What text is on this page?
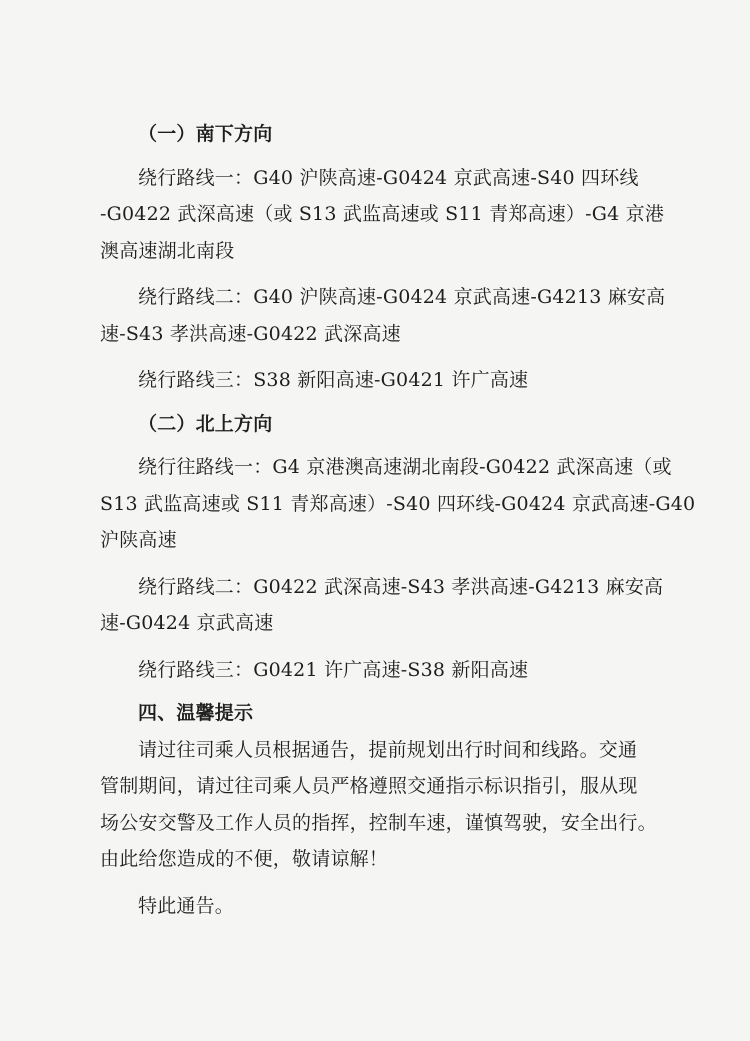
（一）南下方向
绕行路线一：G40 沪陕高速-G0424 京武高速-S40 四环线
-G0422 武深高速（或 S13 武监高速或 S11 青郑高速）-G4 京港
澳高速湖北南段
绕行路线二：G40 沪陕高速-G0424 京武高速-G4213 麻安高
速-S43 孝洪高速-G0422 武深高速
绕行路线三：S38 新阳高速-G0421 许广高速
（二）北上方向
绕行往路线一：G4 京港澳高速湖北南段-G0422 武深高速（或
S13 武监高速或 S11 青郑高速）-S40 四环线-G0424 京武高速-G40
沪陕高速
绕行路线二：G0422 武深高速-S43 孝洪高速-G4213 麻安高
速-G0424 京武高速
绕行路线三：G0421 许广高速-S38 新阳高速
四、温馨提示
请过往司乘人员根据通告，提前规划出行时间和线路。交通
管制期间，请过往司乘人员严格遵照交通指示标识指引，服从现
场公安交警及工作人员的指挥，控制车速，谨慎驾驶，安全出行。
由此给您造成的不便，敬请谅解！
特此通告。
